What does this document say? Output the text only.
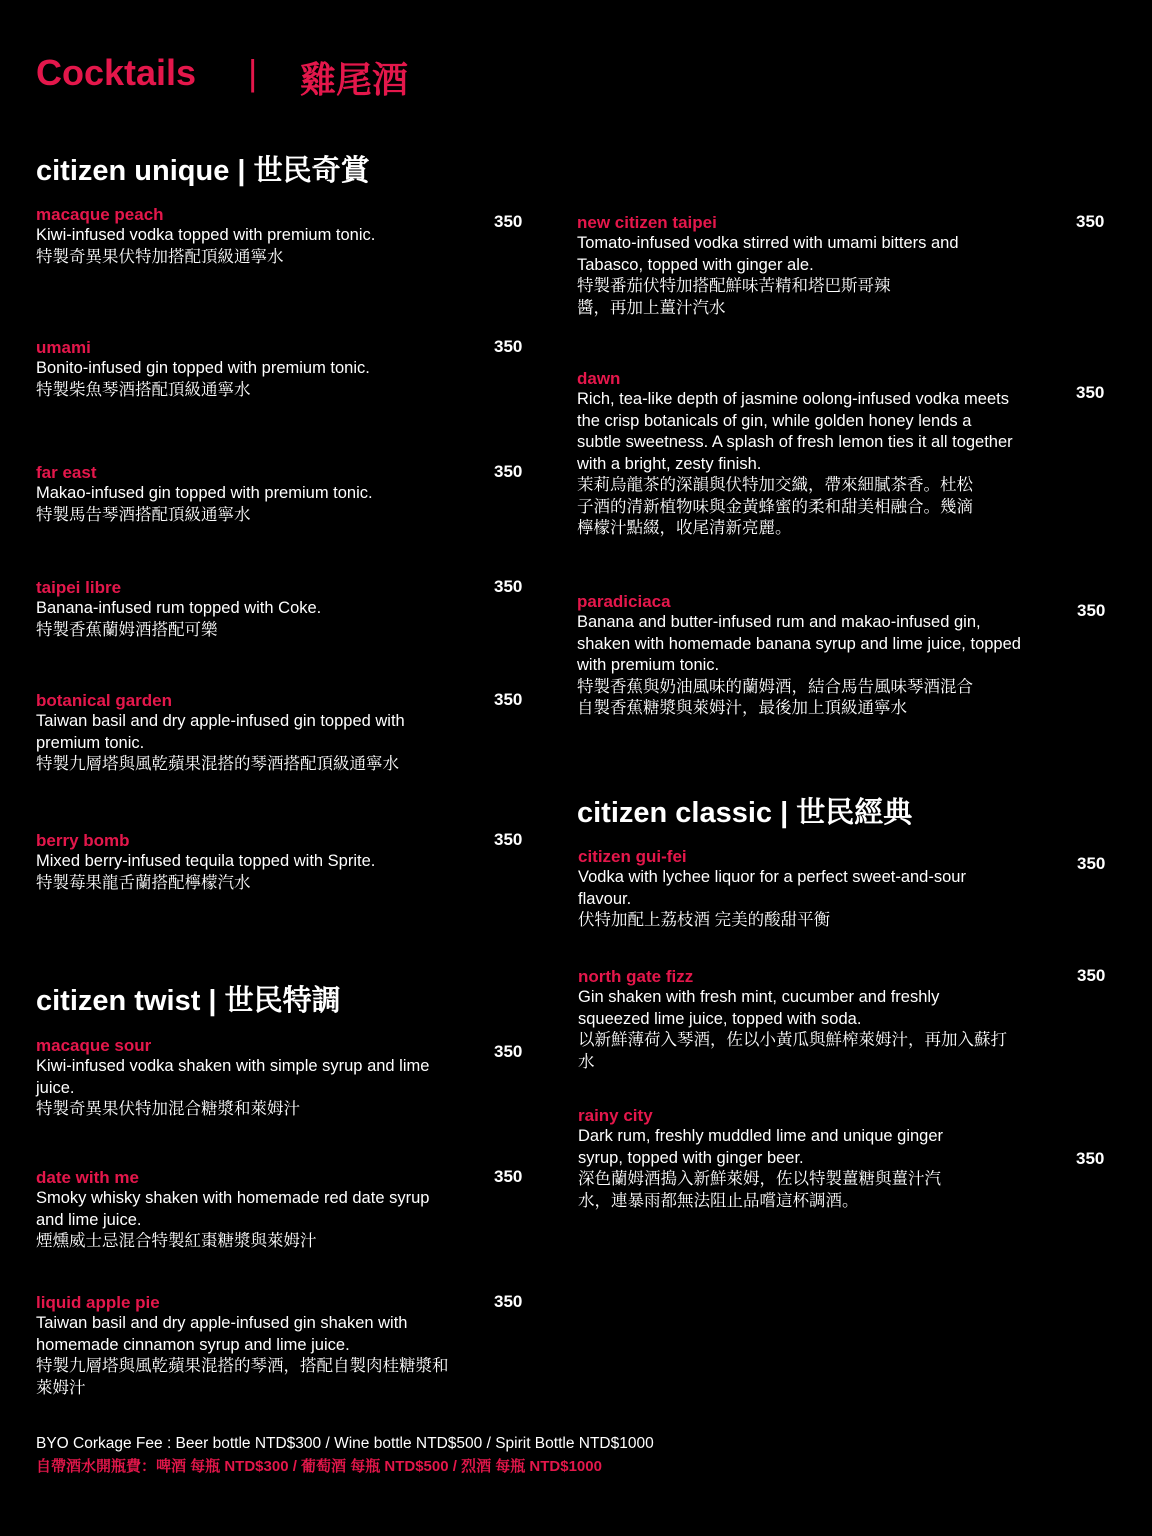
Cocktails | 雞尾酒
citizen unique | 世民奇賞
citizen twist | 世民特調
citizen classic | 世民經典
macaque peach
Kiwi-infused vodka topped with premium tonic.
特製奇異果伏特加搭配頂級通寧水
350
umami
Bonito-infused gin topped with premium tonic.
特製柴魚琴酒搭配頂級通寧水
350
far east
Makao-infused gin topped with premium tonic.
特製馬告琴酒搭配頂級通寧水
350
taipei libre
Banana-infused rum topped with Coke.
特製香蕉蘭姆酒搭配可樂
350
botanical garden
Taiwan basil and dry apple-infused gin topped with premium tonic.
特製九層塔與風乾蘋果混搭的琴酒搭配頂級通寧水
350
berry bomb
Mixed berry-infused tequila topped with Sprite.
特製莓果龍舌蘭搭配檸檬汽水
350
macaque sour
Kiwi-infused vodka shaken with simple syrup and lime juice.
特製奇異果伏特加混合糖漿和萊姆汁
350
date with me
Smoky whisky shaken with homemade red date syrup and lime juice.
煙燻威士忌混合特製紅棗糖漿與萊姆汁
350
liquid apple pie
Taiwan basil and dry apple-infused gin shaken with homemade cinnamon syrup and lime juice.
特製九層塔與風乾蘋果混搭的琴酒，搭配自製肉桂糖漿和萊姆汁
350
new citizen taipei
Tomato-infused vodka stirred with umami bitters and Tabasco, topped with ginger ale.
特製番茄伏特加搭配鮮味苦精和塔巴斯哥辣醬，再加上薑汁汽水
350
dawn
Rich, tea-like depth of jasmine oolong-infused vodka meets the crisp botanicals of gin, while golden honey lends a subtle sweetness. A splash of fresh lemon ties it all together with a bright, zesty finish.
茉莉烏龍茶的深韻與伏特加交織，帶來細膩茶香。杜松子酒的清新植物味與金黃蜂蜜的柔和甜美相融合。幾滴檸檬汁點綴，收尾清新亮麗。
350
paradiciaca
Banana and butter-infused rum and makao-infused gin, shaken with homemade banana syrup and lime juice, topped with premium tonic.
特製香蕉與奶油風味的蘭姆酒，結合馬告風味琴酒混合自製香蕉糖漿與萊姆汁，最後加上頂級通寧水
350
citizen gui-fei
Vodka with lychee liquor for a perfect sweet-and-sour flavour.
伏特加配上荔枝酒 完美的酸甜平衡
350
north gate fizz
Gin shaken with fresh mint, cucumber and freshly squeezed lime juice, topped with soda.
以新鮮薄荷入琴酒，佐以小黃瓜與鮮榨萊姆汁，再加入蘇打水
350
rainy city
Dark rum, freshly muddled lime and unique ginger syrup, topped with ginger beer.
深色蘭姆酒搗入新鮮萊姆，佐以特製薑糖與薑汁汽水，連暴雨都無法阻止品嚐這杯調酒。
350
BYO Corkage Fee : Beer bottle NTD$300 / Wine bottle NTD$500 / Spirit Bottle NTD$1000
自帶酒水開瓶費：啤酒 每瓶 NTD$300 / 葡萄酒 每瓶 NTD$500 / 烈酒 每瓶 NTD$1000
